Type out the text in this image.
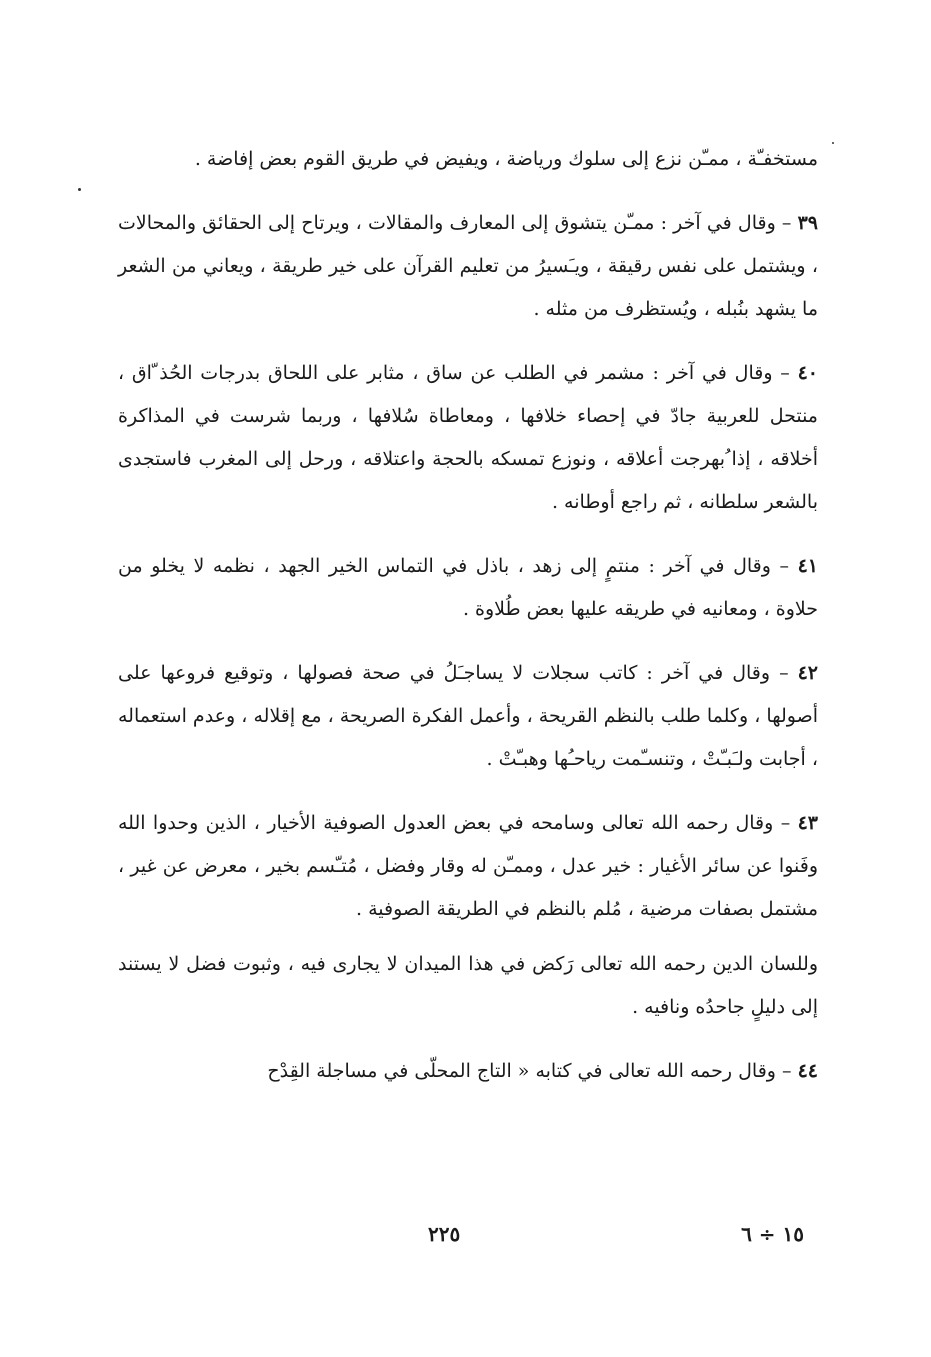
مستخفـّة ، ممـّن نزع إلى سلوك ورياضة ، ويفيض في طريق القوم بعض إفاضة .

٣٩ – وقال في آخر : ممـّن يتشوق إلى المعارف والمقالات ، ويرتاح إلى الحقائق والمحالات ، ويشتمل على نفس رقيقة ، ويـَسيرُ من تعليم القرآن على خير طريقة ، ويعاني من الشعر ما يشهد بنُبله ، ويُستظرف من مثله .

٤٠ – وقال في آخر : مشمر في الطلب عن ساق ، مثابر على اللحاق بدرجات الحُذ ّاق ، منتحل للعربية جادّ في إحصاء خلافها ، ومعاطاة سُلافها ، وربما شرست في المذاكرة أخلاقه ، إذا ُبهرجت أعلاقه ، ونوزع تمسكه بالحجة واعتلاقه ، ورحل إلى المغرب فاستجدى بالشعر سلطانه ، ثم راجع أوطانه .

٤١ – وقال في آخر : منتمٍ إلى زهد ، باذل في التماس الخير الجهد ، نظمه لا يخلو من حلاوة ، ومعانيه في طريقه عليها بعض طُلاوة .

٤٢ – وقال في آخر : كاتب سجلات لا يساجـَلُ في صحة فصولها ، وتوقيع فروعها على أصولها ، وكلما طلب بالنظم القريحة ، وأعمل الفكرة الصريحة ، مع إقلاله ، وعدم استعماله ، أجابت ولـَبـّتْ ، وتنسـّمت رياحـُها وهبـّتْ .

٤٣ – وقال رحمه الله تعالى وسامحه في بعض العدول الصوفية الأخيار ، الذين وحدوا الله وفَنوا عن سائر الأغيار : خير عدل ، وممـّن له وقار وفضل ، مُتـّسم بخير ، معرض عن غير ، مشتمل بصفات مرضية ، مُلم بالنظم في الطريقة الصوفية .

وللسان الدين رحمه الله تعالى رَكض في هذا الميدان لا يجارى فيه ، وثبوت فضل لا يستند إلى دليلٍ جاحدُه ونافيه .

٤٤ – وقال رحمه الله تعالى في كتابه « التاج المحلّى في مساجلة القِدْح

١٥ ÷ ٦
٢٢٥
